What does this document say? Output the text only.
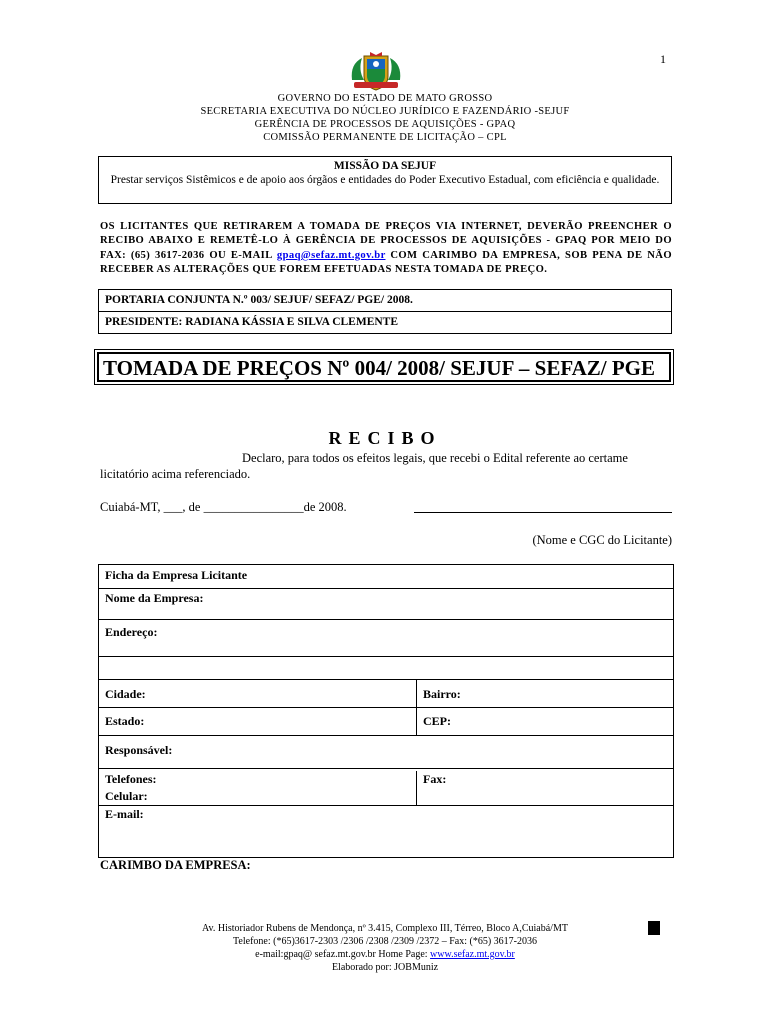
1
GOVERNO DO ESTADO DE MATO GROSSO
SECRETARIA EXECUTIVA DO NÚCLEO JURÍDICO E FAZENDÁRIO -SEJUF
GERÊNCIA DE PROCESSOS DE AQUISIÇÕES - GPAQ
COMISSÃO PERMANENTE DE LICITAÇÃO – CPL
MISSÃO DA SEJUF
Prestar serviços Sistêmicos e de apoio aos órgãos e entidades do Poder Executivo Estadual, com eficiência e qualidade.
OS LICITANTES QUE RETIRAREM A TOMADA DE PREÇOS VIA INTERNET, DEVERÃO PREENCHER O RECIBO ABAIXO E REMETÊ-LO À GERÊNCIA DE PROCESSOS DE AQUISIÇÕES - GPAQ POR MEIO DO FAX: (65) 3617-2036 OU E-MAIL gpaq@sefaz.mt.gov.br COM CARIMBO DA EMPRESA, SOB PENA DE NÃO RECEBER AS ALTERAÇÕES QUE FOREM EFETUADAS NESTA TOMADA DE PREÇO.
PORTARIA CONJUNTA N.º 003/ SEJUF/ SEFAZ/ PGE/ 2008.
PRESIDENTE: RADIANA KÁSSIA E SILVA CLEMENTE
TOMADA DE PREÇOS Nº 004/ 2008/ SEJUF – SEFAZ/ PGE
RECIBO
Declaro, para todos os efeitos legais, que recebi o Edital referente ao certame
licitatório acima referenciado.
Cuiabá-MT, ___, de ________________de 2008.
(Nome e CGC do Licitante)
Ficha da Empresa Licitante
Nome da Empresa:
Endereço:
Cidade:	Bairro:
Estado:	CEP:
Responsável:
Telefones:
Celular:
Fax:
E-mail:
CARIMBO DA EMPRESA:
Av. Historiador Rubens de Mendonça, nº 3.415, Complexo III, Térreo, Bloco A,Cuiabá/MT
Telefone: (*65)3617-2303 /2306 /2308 /2309 /2372 – Fax: (*65) 3617-2036
e-mail:gpaq@ sefaz.mt.gov.br Home Page: www.sefaz.mt.gov.br
Elaborado por: JOBMuniz
